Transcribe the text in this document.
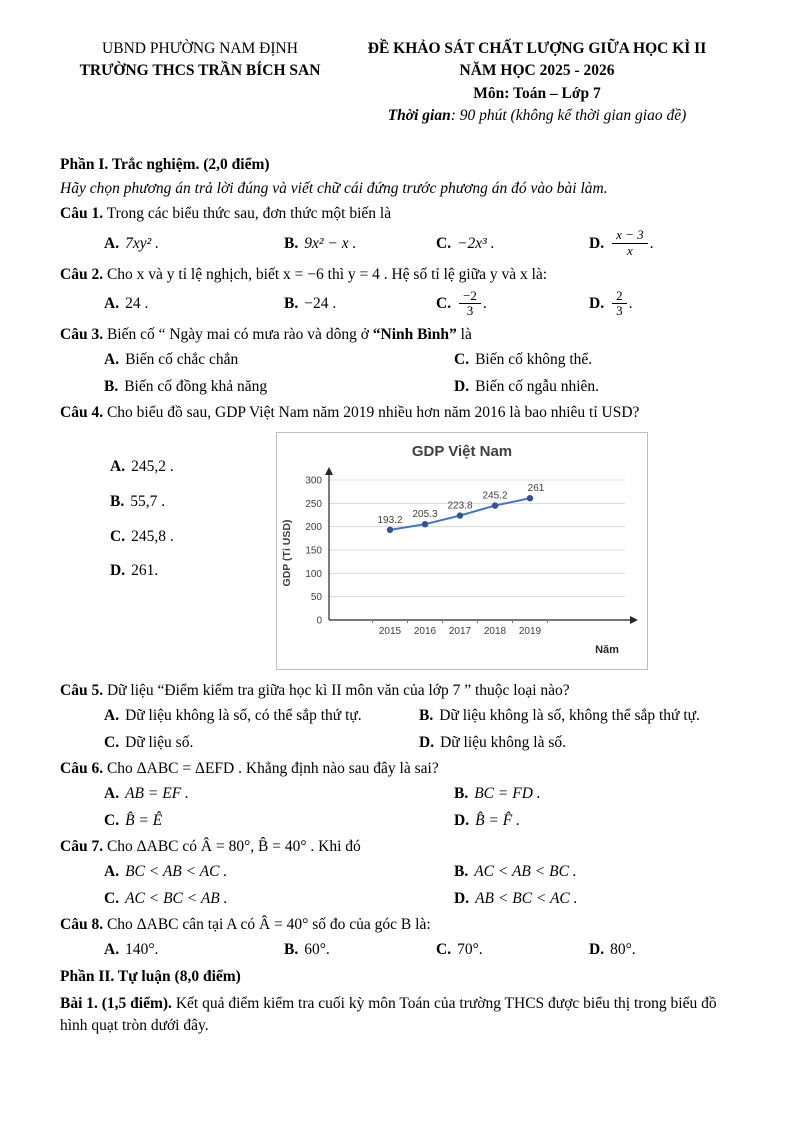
UBND PHƯỜNG NAM ĐỊNH
TRƯỜNG THCS TRẦN BÍCH SAN
ĐỀ KHẢO SÁT CHẤT LƯỢNG GIỮA HỌC KÌ II
NĂM HỌC 2025 - 2026
Môn: Toán – Lớp 7
Thời gian: 90 phút (không kể thời gian giao đề)
Phần I. Trắc nghiệm. (2,0 điểm)
Hãy chọn phương án trả lời đúng và viết chữ cái đứng trước phương án đó vào bài làm.
Câu 1. Trong các biểu thức sau, đơn thức một biến là
A. 7xy² .	B. 9x² − x .	C. −2x³ .	D. $\frac{x - 3}{x}$ .
Câu 2. Cho x và y tỉ lệ nghịch, biết x = −6 thì y = 4 . Hệ số tỉ lệ giữa y và x là:
A. 24 .	B. −24 .	C. $\frac{-2}{3}$ .	D. $\frac{2}{3}$ .
Câu 3. Biến cố “ Ngày mai có mưa rào và dông ở “Ninh Bình” là
A. Biến cố chắc chắn	C. Biến cố không thể.
B. Biến cố đồng khả năng	D. Biến cố ngẫu nhiên.
Câu 4. Cho biểu đồ sau, GDP Việt Nam năm 2019 nhiều hơn năm 2016 là bao nhiêu tỉ USD?
A. 245,2 .
B. 55,7 .
C. 245,8 .
D. 261.
GDP Việt Nam
0
50
100
150
200
250
300
2015 2016 2017 2018 2019
193.2
205.3
223.8
245.2
261
GDP (Tỉ USD)
Năm
Câu 5. Dữ liệu “Điểm kiểm tra giữa học kì II môn văn của lớp 7 ” thuộc loại nào?
A. Dữ liệu không là số, có thể sắp thứ tự.	B. Dữ liệu không là số, không thể sắp thứ tự.
C. Dữ liệu số.	D. Dữ liệu không là số.
Câu 6. Cho ΔABC = ΔEFD . Khẳng định nào sau đây là sai?
A. AB = EF .	B. BC = FD .
C. B̂ = Ê	D. B̂ = F̂ .
Câu 7. Cho ΔABC có Â = 80°, B̂ = 40° . Khi đó
A. BC < AB < AC .	B. AC < AB < BC .
C. AC < BC < AB .	D. AB < BC < AC .
Câu 8. Cho ΔABC cân tại A có Â = 40° số đo của góc B là:
A. 140°.	B. 60°.	C. 70°.	D. 80°.
Phần II. Tự luận (8,0 điểm)
Bài 1. (1,5 điểm). Kết quả điểm kiểm tra cuối kỳ môn Toán của trường THCS được biểu thị trong biểu đồ hình quạt tròn dưới đây.
